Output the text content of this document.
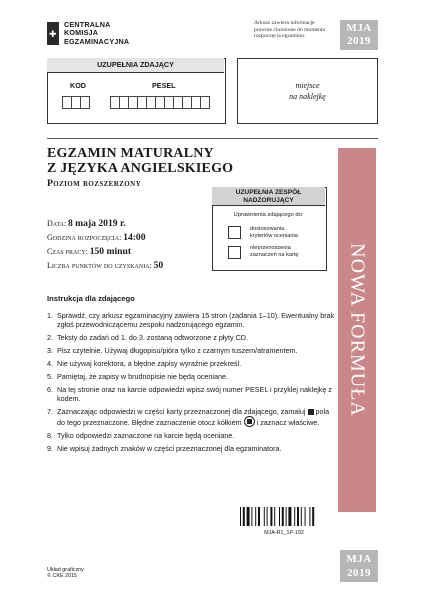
✚
CENTRALNA
KOMISJA
EGZAMINACYJNA
Arkusz zawiera informacje
prawnie chronione do momentu
rozpoczęcia egzaminu.
MJA
2019
UZUPEŁNIA ZDAJĄCY
KOD	PESEL	miejsce
na naklejkę
EGZAMIN MATURALNY
Z JĘZYKA ANGIELSKIEGO
Poziom rozszerzony
Data: 8 maja 2019 r.
Godzina rozpoczęcia: 14:00
Czas pracy: 150 minut
Liczba punktów do uzyskania: 50
UZUPEŁNIA ZESPÓŁ
NADZORUJĄCY
Uprawnienia zdającego do:
dostosowania
kryteriów oceniania
nieprzenoszenia
zaznaczeń na kartę NOWA FORMUŁA
Instrukcja dla zdającego
1. Sprawdź, czy arkusz egzaminacyjny zawiera 15 stron (zadania 1–10). Ewentualny brak zgłoś przewodniczącemu zespołu nadzorującego egzamin.
2. Teksty do zadań od 1. do 3. zostaną odtworzone z płyty CD.
3. Pisz czytelnie. Używaj długopisu/pióra tylko z czarnym tuszem/atramentem.
4. Nie używaj korektora, a błędne zapisy wyraźnie przekreśl.
5. Pamiętaj, że zapisy w brudnopisie nie będą oceniane.
6. Na tej stronie oraz na karcie odpowiedzi wpisz swój numer PESEL i przyklej naklejkę z kodem.
7. Zaznaczając odpowiedzi w części karty przeznaczonej dla zdającego, zamaluj pola do tego przeznaczone. Błędne zaznaczenie otocz kółkiem i zaznacz właściwe.
8. Tylko odpowiedzi zaznaczone na karcie będą oceniane.
9. Nie wpisuj żadnych znaków w części przeznaczonej dla egzaminatora.
MJA-R1_1P-192
MJA
2019
Układ graficzny
© CKE 2015
